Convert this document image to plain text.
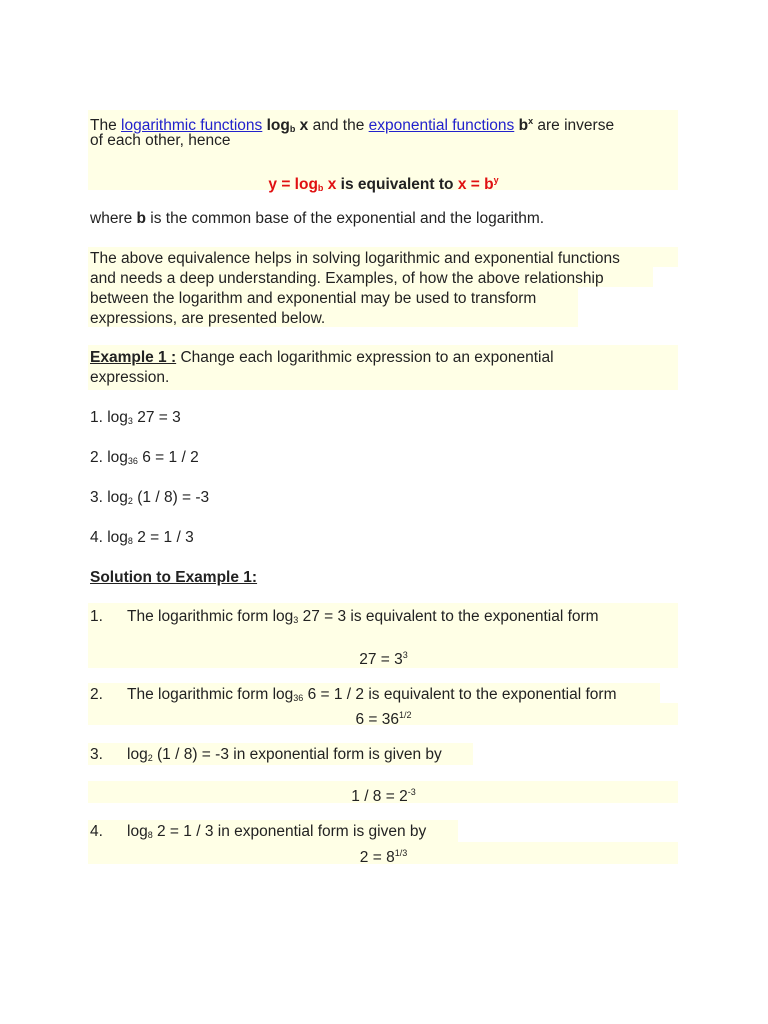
The logarithmic functions $\log_b x$ and the exponential functions $b^x$ are inverse
of each other, hence
$y = \log_b x$ is equivalent to $x = b^y$
where b is the common base of the exponential and the logarithm.
The above equivalence helps in solving logarithmic and exponential functions
and needs a deep understanding. Examples, of how the above relationship
between the logarithm and exponential may be used to transform
expressions, are presented below.
Example 1 : Change each logarithmic expression to an exponential
expression.
1. $\log_3 27 = 3$
2. $\log_{36} 6 = 1 / 2$
3. $\log_2 (1 / 8) = -3$
4. $\log_8 2 = 1 / 3$
Solution to Example 1:
1. The logarithmic form $\log_3 27 = 3$ is equivalent to the exponential form
$27 = 3^3$
2. The logarithmic form $\log_{36} 6 = 1 / 2$ is equivalent to the exponential form
$6 = 36^{1/2}$
3. $\log_2 (1 / 8) = -3$ in exponential form is given by
$1 / 8 = 2^{-3}$
4. $\log_8 2 = 1 / 3$ in exponential form is given by
$2 = 8^{1/3}$
